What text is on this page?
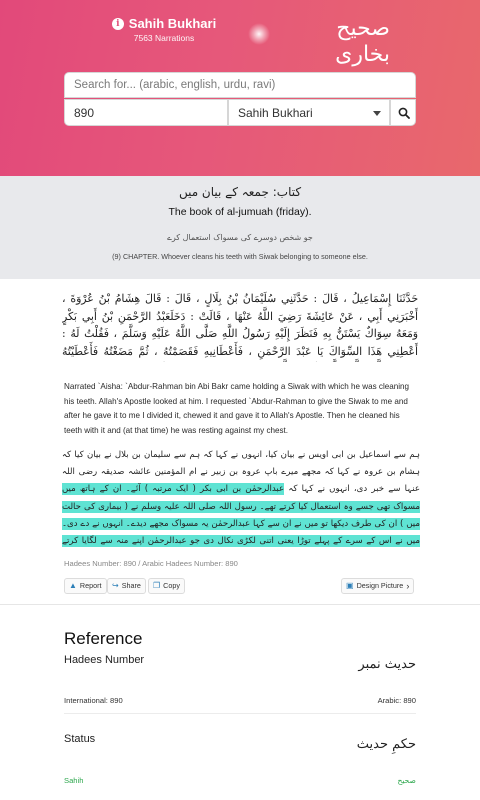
i Sahih Bukhari
7563 Narrations	صحيح بخاری
Search for... (arabic, english, urdu, ravi)
890	Sahih Bukhari
کتاب: جمعہ کے بیان میں
The book of al-jumuah (friday).
جو شخص دوسرے کی مسواک استعمال کرے
(9) CHAPTER. Whoever cleans his teeth with Siwak belonging to someone else.
حَدَّثَنَا إِسْمَاعِيلُ ، قَالَ : حَدَّثَنِي سُلَيْمَانُ بْنُ بِلَالٍ ، قَالَ : قَالَ هِشَامُ بْنُ عُرْوَةَ ، أَخْبَرَنِي أَبِي ، عَنْ عَائِشَةَ رَضِيَ اللَّهُ عَنْهَا ، قَالَتْ : دَخَلَعَبْدُ الرَّحْمَنِ بْنُ أَبِي بَكْرٍ وَمَعَهُ سِوَاكٌ يَسْتَنُّ بِهِ فَنَظَرَ إِلَيْهِ رَسُولُ اللَّهِ صَلَّى اللَّهُ عَلَيْهِ وَسَلَّمَ ، فَقُلْتُ لَهُ : أَعْطِنِي هَذَا السِّوَاكَ يَا عَبْدَ الرَّحْمَنِ ، فَأَعْطَانِيهِ فَقَصَمْتُهُ ، ثُمَّ مَضَغْتُهُ فَأَعْطَيْتُهُ
Narrated `Aisha: `Abdur-Rahman bin Abi Bakr came holding a Siwak with which he was cleaning his teeth. Allah's Apostle looked at him. I requested `Abdur-Rahman to give the Siwak to me and after he gave it to me I divided it, chewed it and gave it to Allah's Apostle. Then he cleaned his teeth with it and (at that time) he was resting against my chest.
ہم سے اسماعیل بن ابی اویس نے بیان کیا، انہوں نے کہا کہ ہم سے سلیمان بن بلال نے بیان کیا کہ ہشام بن عروہ نے کہا کہ مجھے میرے باپ عروہ بن زبیر نے ام المؤمنین عائشہ صدیقہ رضی اللہ عنہا سے خبر دی، انہوں نے کہا کہ عبدالرحمٰن بن ابی بکر ( ایک مرتبہ ) آئے۔ ان کے ہاتھ میں مسواک تھی جسے وہ استعمال کیا کرتے تھے۔ رسول اللہ صلی اللہ علیہ وسلم نے ( بیماری کی حالت میں ) ان کی طرف دیکھا تو میں نے ان سے کہا عبدالرحمٰن یہ مسواک مجھے دیدے۔ انہوں نے دے دی۔ میں نے اس کے سرے کے پہلے توڑا یعنی اتنی لکڑی نکال دی جو عبدالرحمٰن اپنے منہ سے لگایا کرتے
Hadees Number: 890 / Arabic Hadees Number: 890
▲ Report ↪ Share ❐ Copy	▣ Design Picture ›
Reference
Hadees Number	حدیث نمبر
International: 890	Arabic: 890
Status	حکمِ حدیث
Sahih	صحیح
